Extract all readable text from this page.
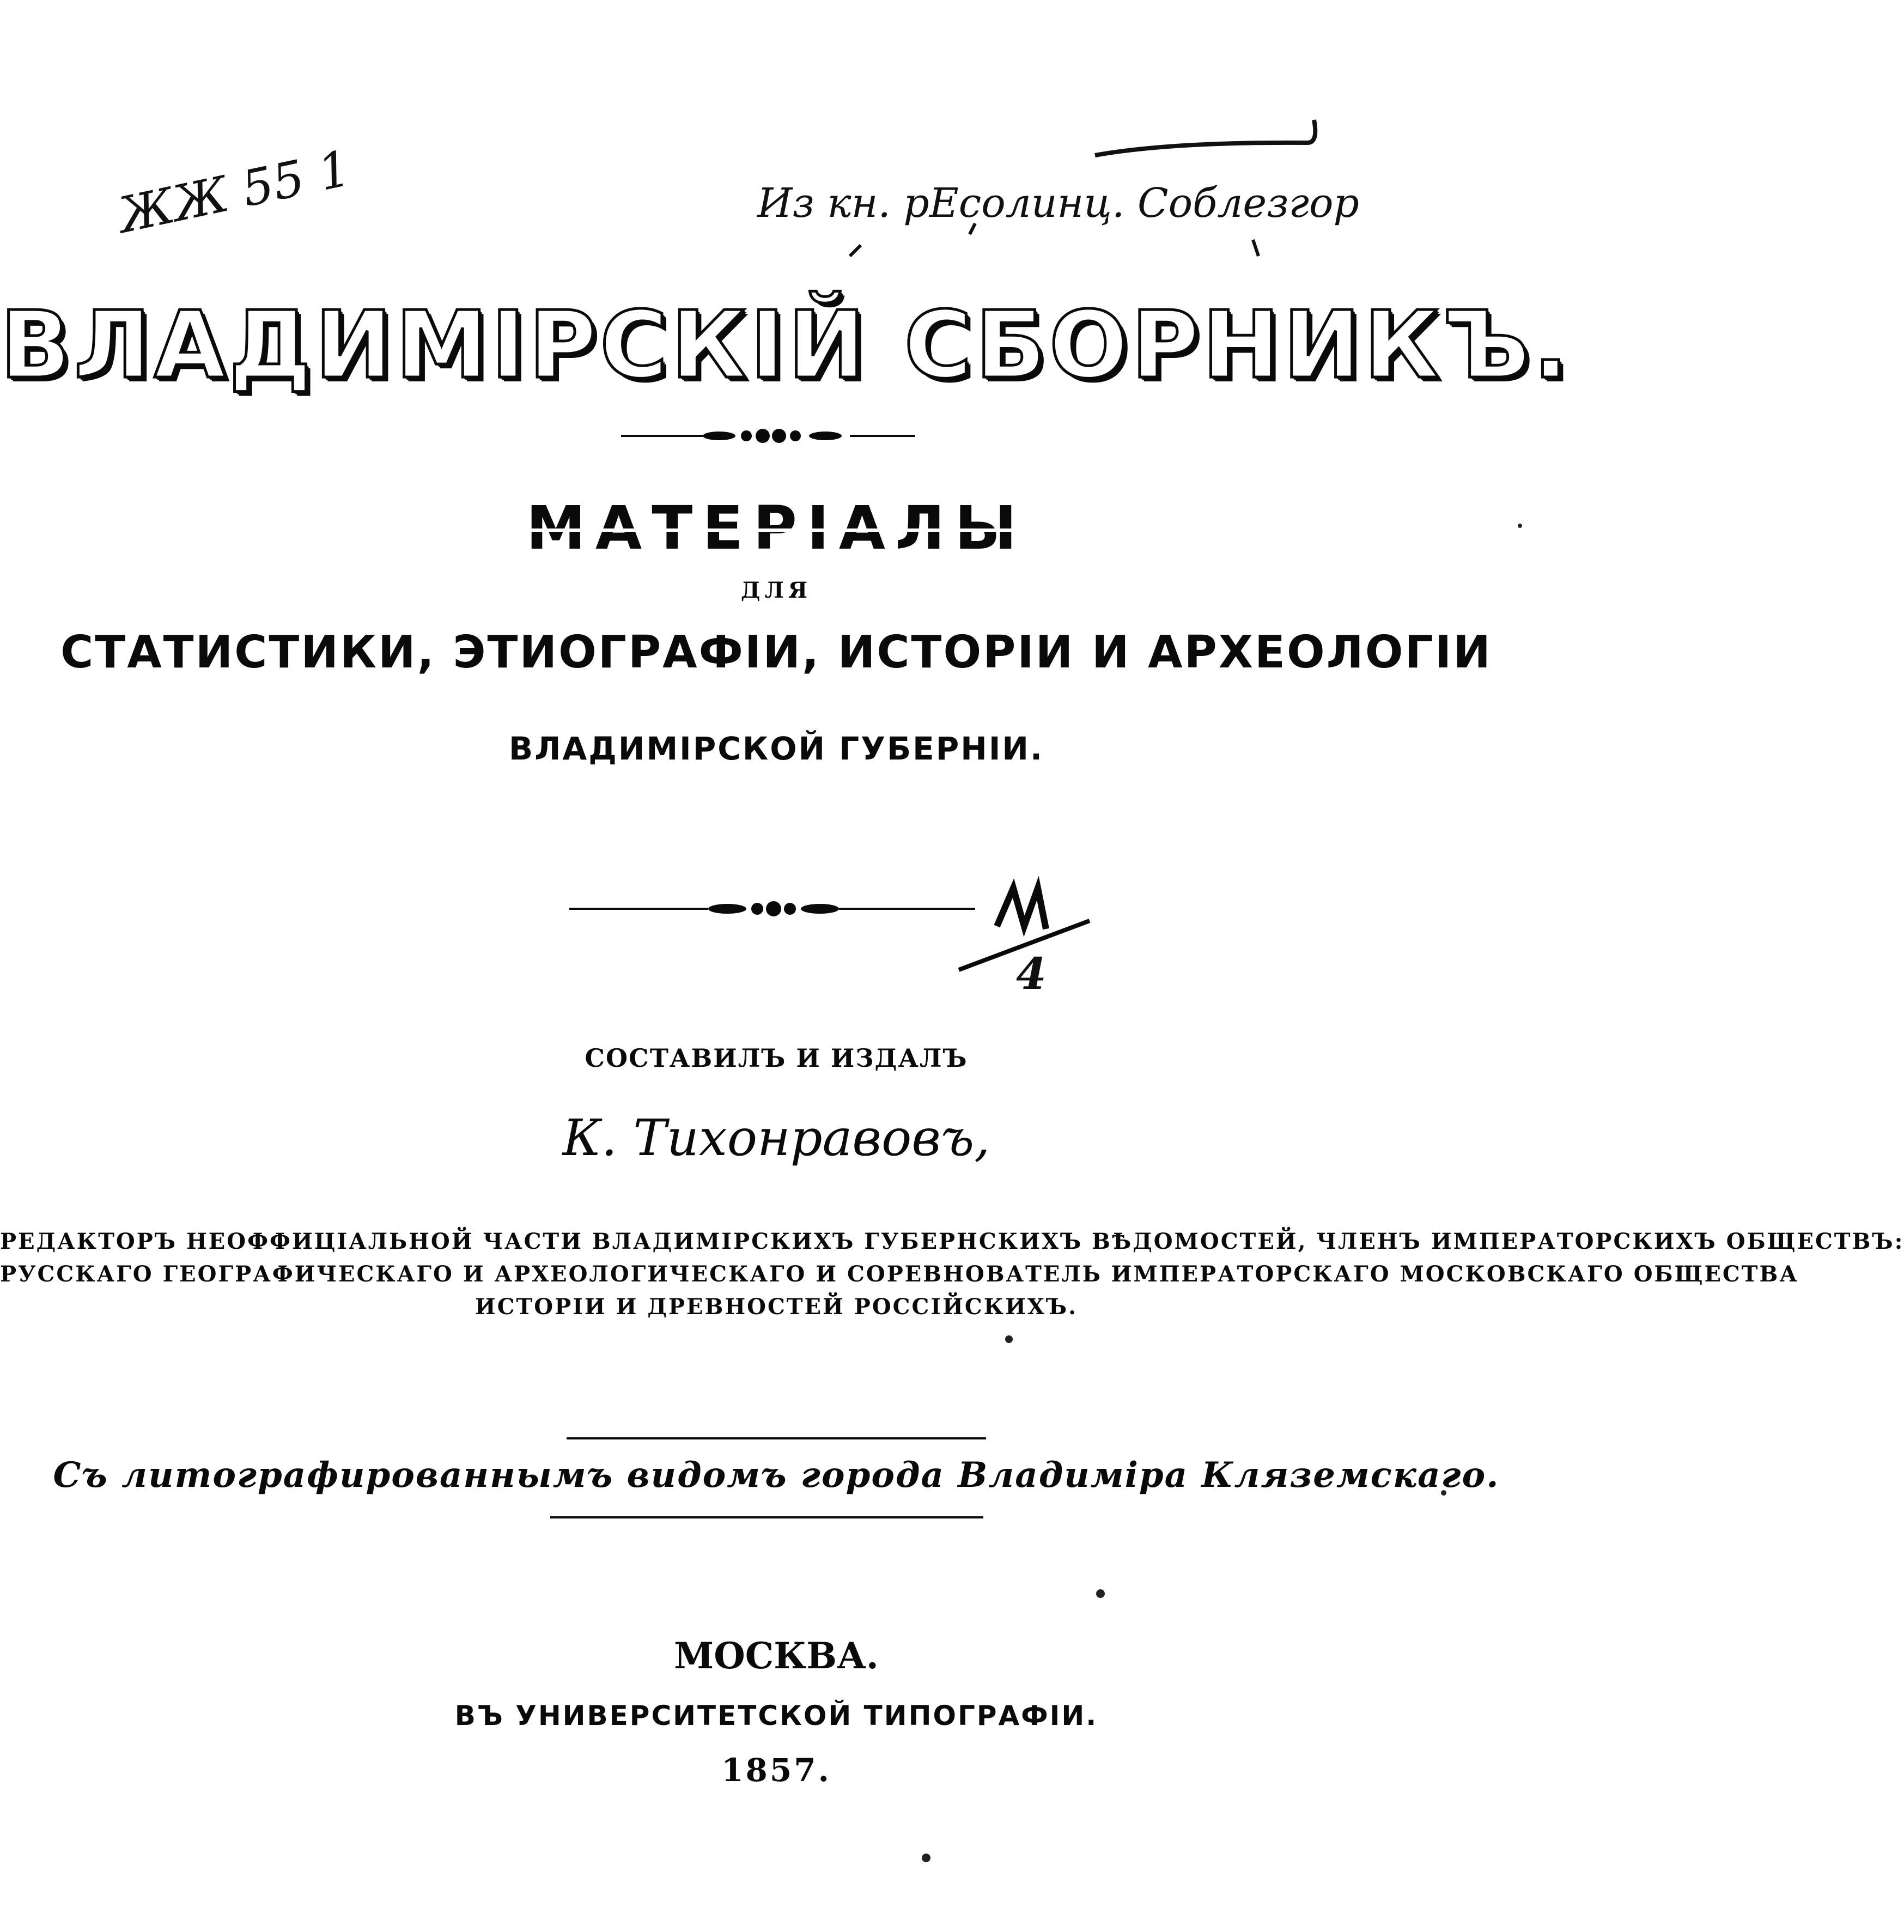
ЖЖ 55 1	Из кн. рЕсолинц. Соблезгор
4
ВЛАДИМІРСКІЙ СБОРНИКЪ.
МАТЕРІАЛЫ
ДЛЯ
СТАТИСТИКИ, ЭТИОГРАФІИ, ИСТОРІИ И АРХЕОЛОГІИ
ВЛАДИМІРСКОЙ ГУБЕРНІИ.
СОСТАВИЛЪ И ИЗДАЛЪ
К. Тихонравовъ,
РЕДАКТОРЪ НЕОФФИЦІАЛЬНОЙ ЧАСТИ ВЛАДИМІРСКИХЪ ГУБЕРНСКИХЪ ВѢДОМОСТЕЙ, ЧЛЕНЪ ИМПЕРАТОРСКИХЪ ОБЩЕСТВЪ:
РУССКАГО ГЕОГРАФИЧЕСКАГО И АРХЕОЛОГИЧЕСКАГО И СОРЕВНОВАТЕЛЬ ИМПЕРАТОРСКАГО МОСКОВСКАГО ОБЩЕСТВА
ИСТОРІИ И ДРЕВНОСТЕЙ РОССІЙСКИХЪ.
Съ литографированнымъ видомъ города Владиміра Кляземскаго.
МОСКВА.
ВЪ УНИВЕРСИТЕТСКОЙ ТИПОГРАФІИ.
1857.
